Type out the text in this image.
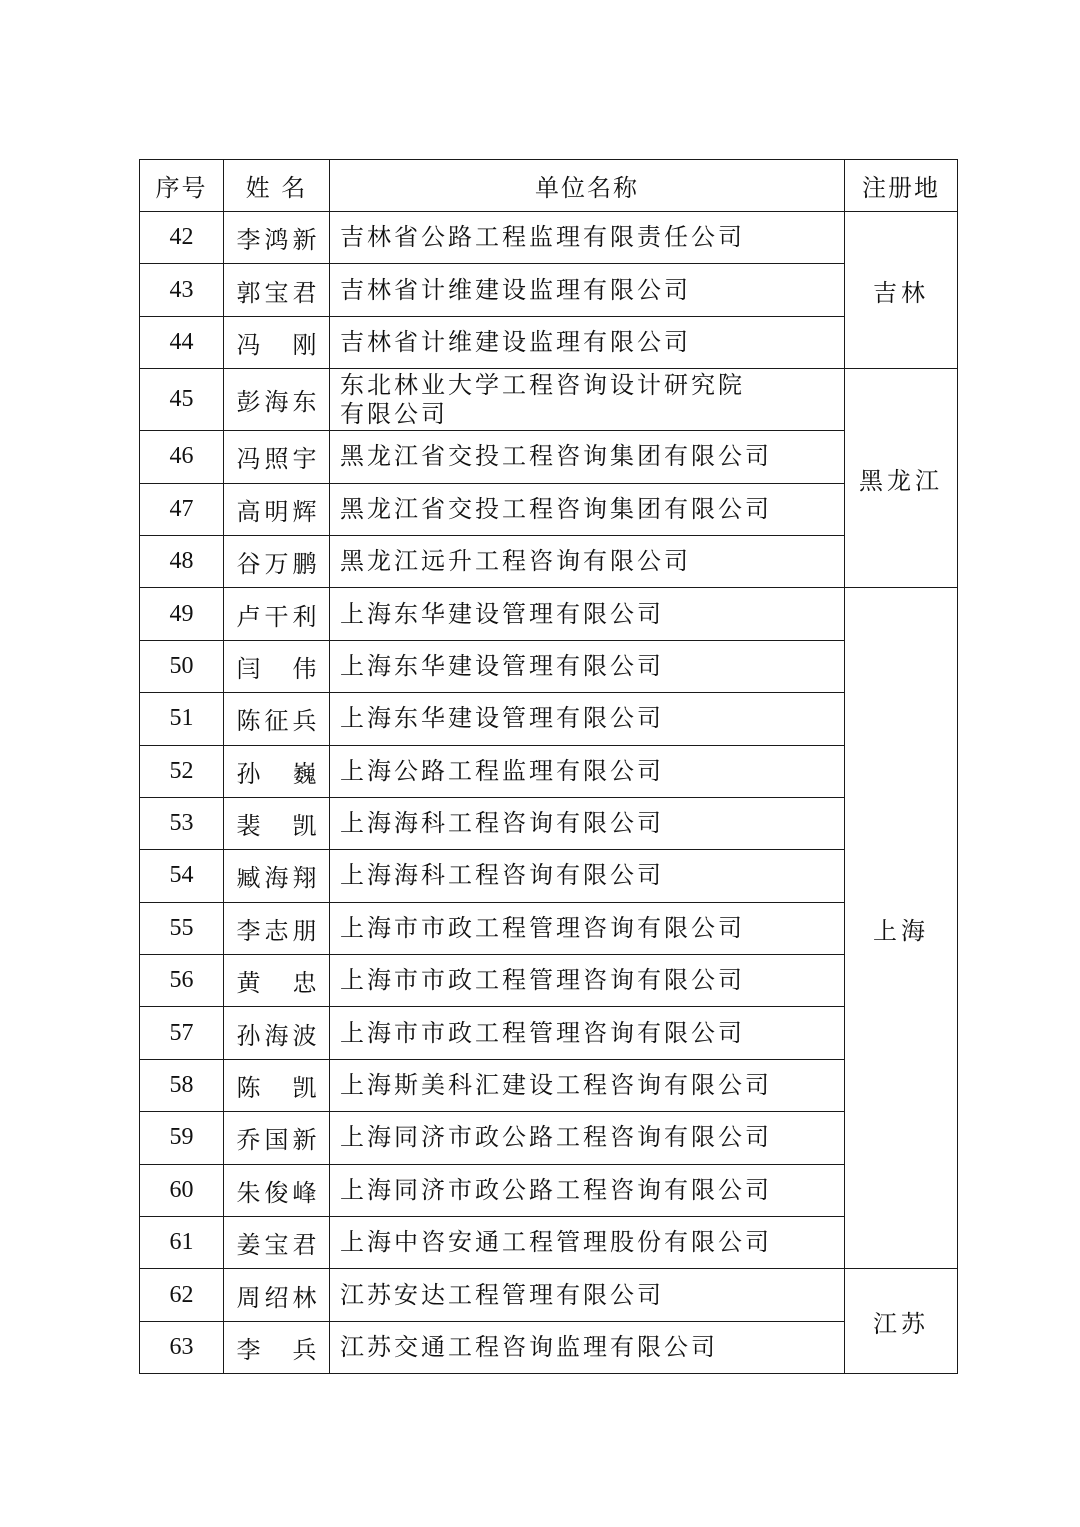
序号	姓 名	单位名称	注册地
42	李鸿新	吉林省公路工程监理有限责任公司	吉林
43	郭宝君	吉林省计维建设监理有限公司	
44	冯 刚	吉林省计维建设监理有限公司	
45	彭海东	东北林业大学工程咨询设计研究院有限公司	黑龙江
46	冯照宇	黑龙江省交投工程咨询集团有限公司	
47	高明辉	黑龙江省交投工程咨询集团有限公司	
48	谷万鹏	黑龙江远升工程咨询有限公司	
49	卢干利	上海东华建设管理有限公司	上海
50	闫 伟	上海东华建设管理有限公司	
51	陈征兵	上海东华建设管理有限公司	
52	孙 巍	上海公路工程监理有限公司	
53	裴 凯	上海海科工程咨询有限公司	
54	臧海翔	上海海科工程咨询有限公司	
55	李志朋	上海市市政工程管理咨询有限公司	
56	黄 忠	上海市市政工程管理咨询有限公司	
57	孙海波	上海市市政工程管理咨询有限公司	
58	陈 凯	上海斯美科汇建设工程咨询有限公司	
59	乔国新	上海同济市政公路工程咨询有限公司	
60	朱俊峰	上海同济市政公路工程咨询有限公司	
61	姜宝君	上海中咨安通工程管理股份有限公司	
62	周绍林	江苏安达工程管理有限公司	江苏
63	李 兵	江苏交通工程咨询监理有限公司	
